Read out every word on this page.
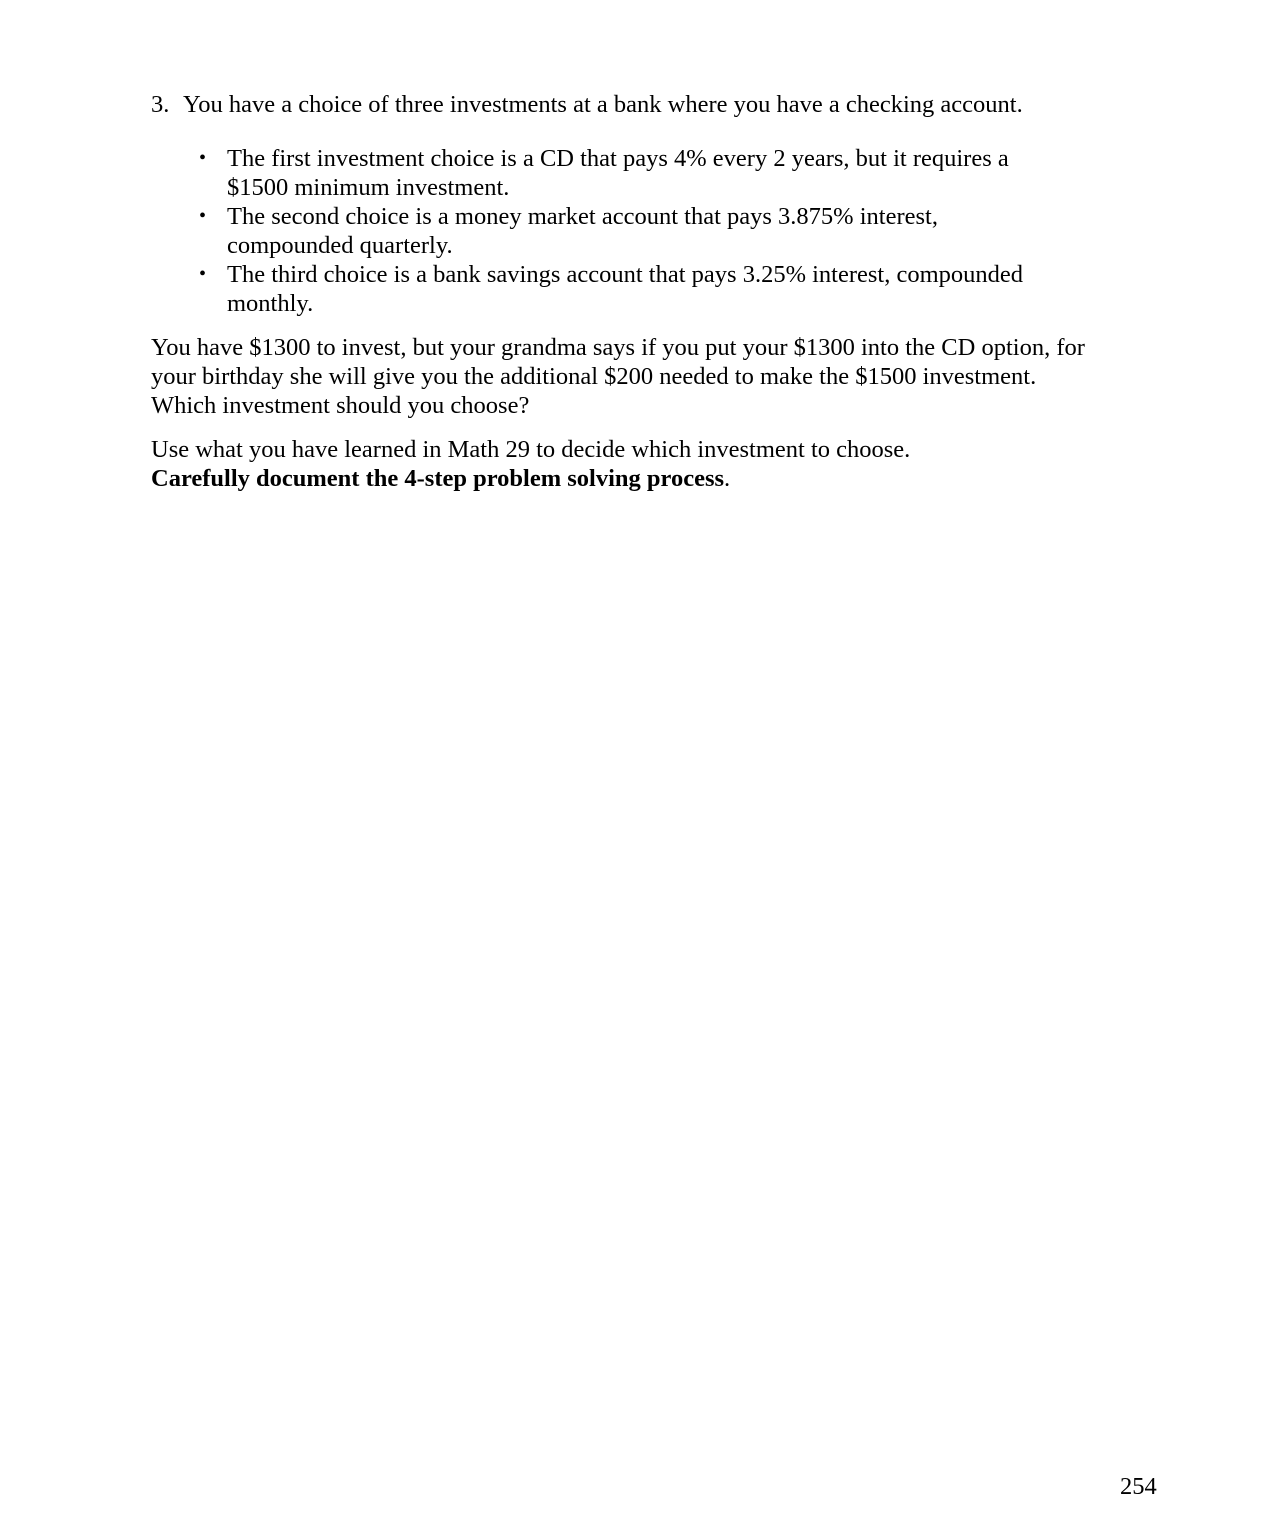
3. You have a choice of three investments at a bank where you have a checking account.
• The first investment choice is a CD that pays 4% every 2 years, but it requires a
$1500 minimum investment.
• The second choice is a money market account that pays 3.875% interest,
compounded quarterly.
• The third choice is a bank savings account that pays 3.25% interest, compounded
monthly.
You have $1300 to invest, but your grandma says if you put your $1300 into the CD option, for
your birthday she will give you the additional $200 needed to make the $1500 investment.
Which investment should you choose?
Use what you have learned in Math 29 to decide which investment to choose.
Carefully document the 4-step problem solving process.
254
